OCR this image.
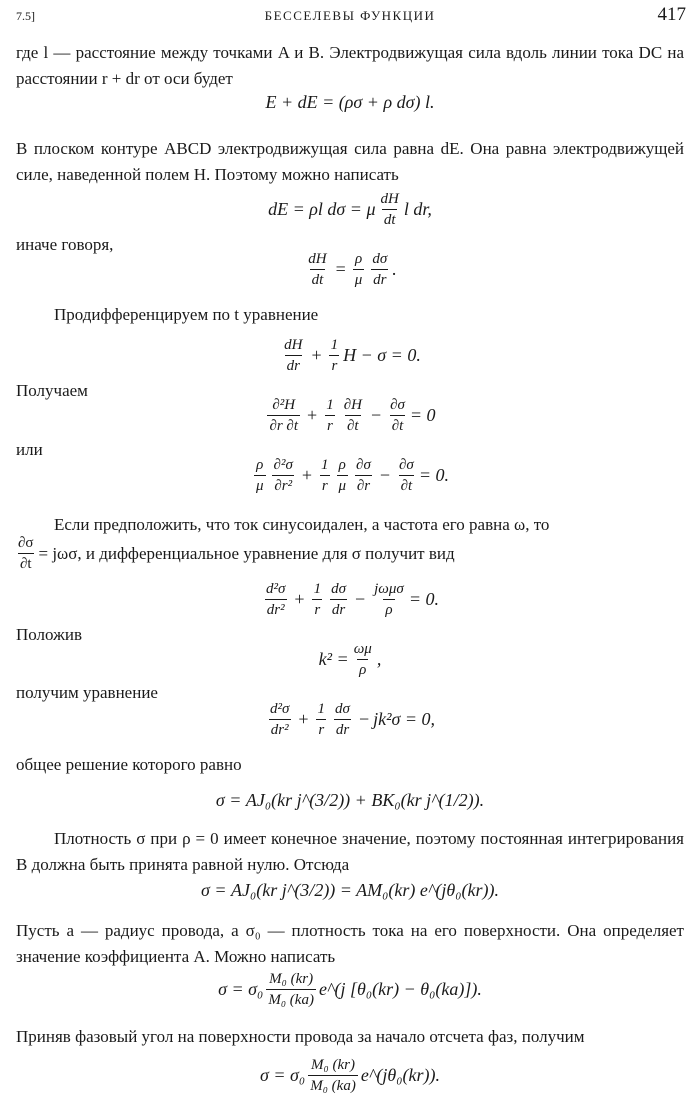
7.5]	БЕССЕЛЕВЫ ФУНКЦИИ	417
где l — расстояние между точками A и B. Электродвижущая сила вдоль линии тока DC на расстоянии r + dr от оси будет
E + dE = (ρσ + ρ dσ) l.
В плоском контуре ABCD электродвижущая сила равна dE. Она равна электродвижущей силе, наведенной полем H. Поэтому можно написать
dE = ρl dσ = μ $\frac{dH}{dt}$ l dr,
иначе говоря,
$\frac{dH}{dt} = \frac{\rho}{\mu} \frac{d\sigma}{dr}$ .
Продифференцируем по t уравнение
$\frac{dH}{dr} + \frac{1}{r}$ H − σ = 0.
Получаем
$\frac{\text{∂²H}}{\partial r \partial t} + \frac{1}{r} \frac{\partial H}{\partial t} - \frac{\partial\sigma}{\partial t} = 0$
или
$\frac{\rho}{\mu} \frac{\text{∂²σ}}{\text{∂r²}} + \frac{1}{r} \frac{\rho}{\mu} \frac{\partial\sigma}{\partial r} - \frac{\partial\sigma}{\partial t} = 0$.
Если предположить, что ток синусоидален, а частота его равна ω, то
$\frac{\partial\sigma}{\partial t} = j\omega\sigma$, и дифференциальное уравнение для σ получит вид
$\frac{\text{d²σ}}{\text{dr²}} + \frac{1}{r} \frac{d\sigma}{dr} - \frac{\text{jωμσ}}{\rho} = 0$.
Положив
$k^2 = \frac{\omega\mu}{\rho}$ ,
получим уравнение
$\frac{\text{d²σ}}{\text{dr²}} + \frac{1}{r} \frac{d\sigma}{dr} - jk^2\sigma = 0$,
общее решение которого равно
σ = AJ₀(kr j^(3/2)) + BK₀(kr j^(1/2)).
Плотность σ при ρ = 0 имеет конечное значение, поэтому постоянная интегрирования B должна быть принята равной нулю. Отсюда
σ = AJ₀(kr j^(3/2)) = AM₀(kr) e^(jθ₀(kr)).
Пусть a — радиус провода, а σ₀ — плотность тока на его поверхности. Она определяет значение коэффициента A. Можно написать
$\sigma = \sigma_0 \frac{\text{M₀ (kr)}}{\text{M₀ (ka)}}$ e^(j [θ₀(kr) − θ₀(ka)]).
Приняв фазовый угол на поверхности провода за начало отсчета фаз, получим
$\sigma = \sigma_0 \frac{\text{M₀ (kr)}}{\text{M₀ (ka)}}$ e^(jθ₀(kr)).
